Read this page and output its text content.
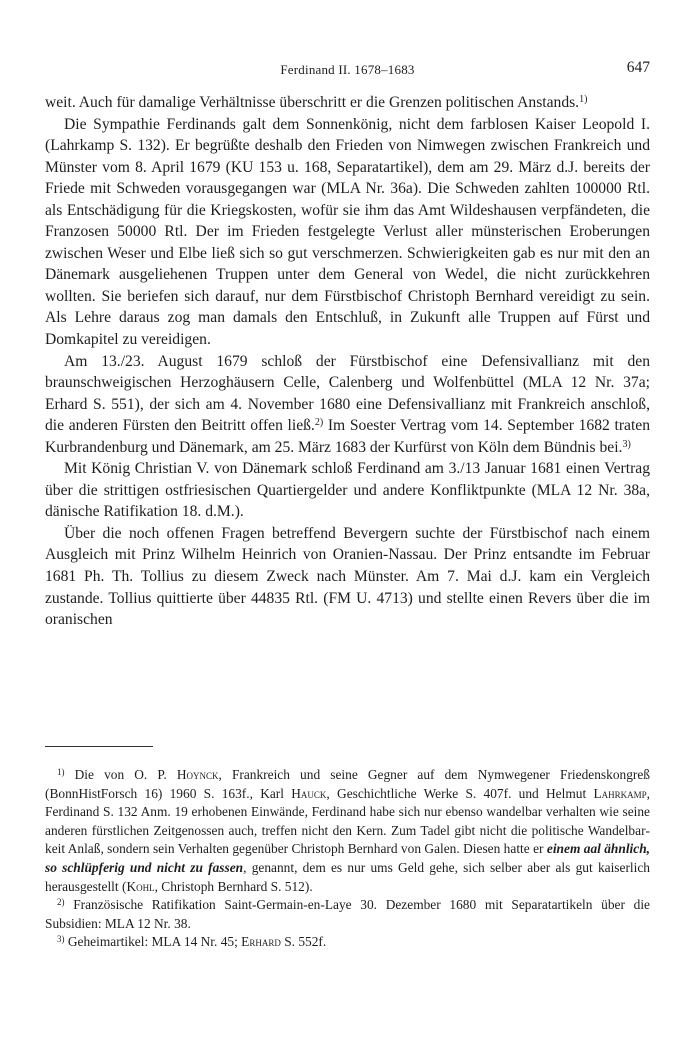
Ferdinand II. 1678–1683	647

weit. Auch für damalige Verhältnisse überschritt er die Grenzen politischen Anstands.$^{1)}$

Die Sympathie Ferdinands galt dem Sonnenkönig, nicht dem farblosen Kaiser Leopold I. (Lahrkamp S. 132). Er begrüßte deshalb den Frieden von Nimwegen zwischen Frankreich und Münster vom 8. April 1679 (KU 153 u. 168, Separatartikel), dem am 29. März d.J. bereits der Friede mit Schweden vorausgegangen war (MLA Nr. 36a). Die Schweden zahlten 100000 Rtl. als Entschädigung für die Kriegskosten, wofür sie ihm das Amt Wildeshausen verpfändeten, die Franzosen 50000 Rtl. Der im Frieden festgelegte Verlust aller münsterischen Eroberungen zwischen Weser und Elbe ließ sich so gut verschmerzen. Schwierigkeiten gab es nur mit den an Dänemark ausgeliehenen Truppen unter dem General von Wedel, die nicht zurückkehren wollten. Sie beriefen sich darauf, nur dem Fürstbischof Christoph Bernhard vereidigt zu sein. Als Lehre daraus zog man damals den Entschluß, in Zukunft alle Truppen auf Fürst und Domkapitel zu vereidigen.

Am 13./23. August 1679 schloß der Fürstbischof eine Defensivallianz mit den braunschweigischen Herzoghäusern Celle, Calenberg und Wolfenbüttel (MLA 12 Nr. 37a; Erhard S. 551), der sich am 4. November 1680 eine Defensivallianz mit Frankreich anschloß, die anderen Fürsten den Beitritt offen ließ.$^{2)}$ Im Soester Vertrag vom 14. September 1682 traten Kurbrandenburg und Dänemark, am 25. März 1683 der Kurfürst von Köln dem Bündnis bei.$^{3)}$

Mit König Christian V. von Dänemark schloß Ferdinand am 3./13 Januar 1681 einen Vertrag über die strittigen ostfriesischen Quartiergelder und andere Konfliktpunkte (MLA 12 Nr. 38a, dänische Ratifikation 18. d.M.).

Über die noch offenen Fragen betreffend Bevergern suchte der Fürstbischof nach einem Ausgleich mit Prinz Wilhelm Heinrich von Oranien-Nassau. Der Prinz entsandte im Februar 1681 Ph. Th. Tollius zu diesem Zweck nach Münster. Am 7. Mai d.J. kam ein Vergleich zustande. Tollius quittierte über 44835 Rtl. (FM U. 4713) und stellte einen Revers über die im oranischen

$^{1)}$ Die von O. P. Hoynck, Frankreich und seine Gegner auf dem Nymwegener Friedenskongreß (BonnHistForsch 16) 1960 S. 163f., Karl Hauck, Geschichtliche Werke S. 407f. und Helmut Lahrkamp, Ferdinand S. 132 Anm. 19 erhobenen Einwände, Ferdinand habe sich nur ebenso wandelbar verhalten wie seine anderen fürstlichen Zeitgenossen auch, treffen nicht den Kern. Zum Tadel gibt nicht die politische Wandelbarkeit Anlaß, sondern sein Verhalten gegenüber Christoph Bernhard von Galen. Diesen hatte er einem aal ähnlich, so schlüpferig und nicht zu fassen, genannt, dem es nur ums Geld gehe, sich selber aber als gut kaiserlich herausgestellt (Kohl, Christoph Bernhard S. 512).

$^{2)}$ Französische Ratifikation Saint-Germain-en-Laye 30. Dezember 1680 mit Separatartikeln über die Subsidien: MLA 12 Nr. 38.

$^{3)}$ Geheimartikel: MLA 14 Nr. 45; Erhard S. 552f.
